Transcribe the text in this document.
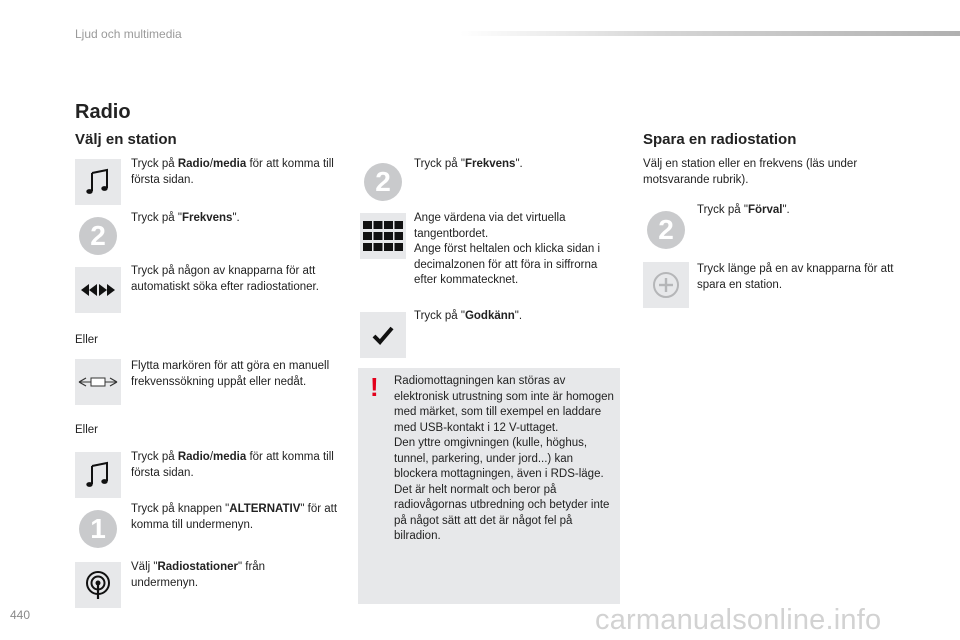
Ljud och multimedia
Radio
Välj en station
Tryck på Radio/media för att komma till första sidan.
2
Tryck på "Frekvens".
Tryck på någon av knapparna för att automatiskt söka efter radiostationer.
Eller
Flytta markören för att göra en manuell frekvenssökning uppåt eller nedåt.
Eller
Tryck på Radio/media för att komma till första sidan.
1
Tryck på knappen "ALTERNATIV" för att komma till undermenyn.
Välj "Radiostationer" från undermenyn.
2
Tryck på "Frekvens".
Ange värdena via det virtuella tangentbordet.
Ange först heltalen och klicka sidan i decimalzonen för att föra in siffrorna efter kommatecknet.
Tryck på "Godkänn".
! Radiomottagningen kan störas av elektronisk utrustning som inte är homogen med märket, som till exempel en laddare med USB-kontakt i 12 V-uttaget.
Den yttre omgivningen (kulle, höghus, tunnel, parkering, under jord...) kan blockera mottagningen, även i RDS-läge. Det är helt normalt och beror på radiovågornas utbredning och betyder inte på något sätt att det är något fel på bilradion.
Spara en radiostation
Välj en station eller en frekvens (läs under motsvarande rubrik).
2
Tryck på "Förval".
Tryck länge på en av knapparna för att spara en station.
440	carmanualsonline.info
